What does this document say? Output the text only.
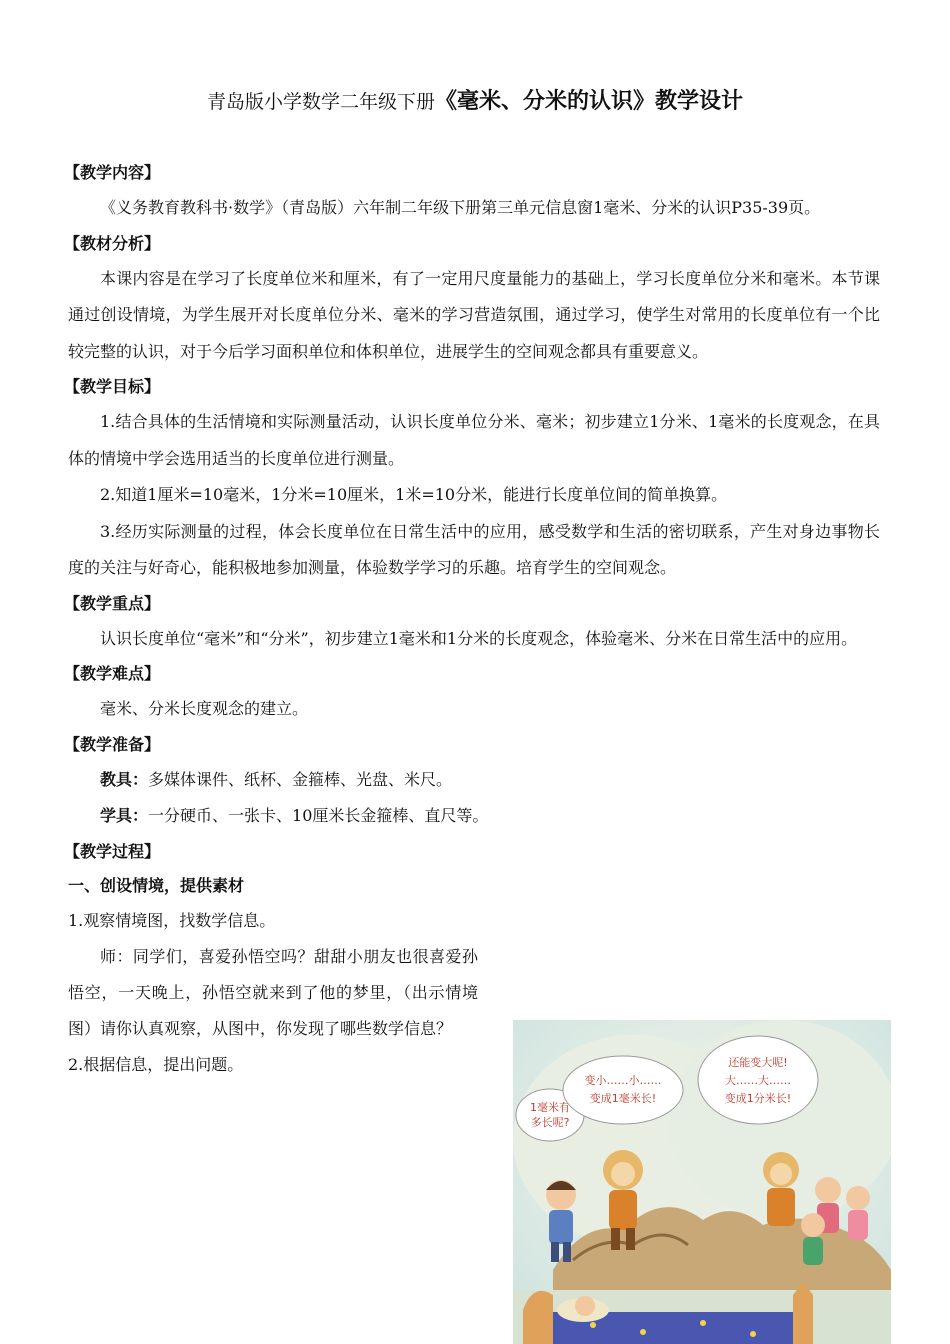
青岛版小学数学二年级下册《毫米、分米的认识》教学设计
【教学内容】

《义务教育教科书·数学》（青岛版）六年制二年级下册第三单元信息窗1毫米、分米的认识P35-39页。

【教材分析】

本课内容是在学习了长度单位米和厘米，有了一定用尺度量能力的基础上，学习长度单位分米和毫米。本节课通过创设情境，为学生展开对长度单位分米、毫米的学习营造氛围，通过学习，使学生对常用的长度单位有一个比较完整的认识，对于今后学习面积单位和体积单位，进展学生的空间观念都具有重要意义。

【教学目标】

1.结合具体的生活情境和实际测量活动，认识长度单位分米、毫米；初步建立1分米、1毫米的长度观念，在具体的情境中学会选用适当的长度单位进行测量。

2.知道1厘米=10毫米，1分米=10厘米，1米=10分米，能进行长度单位间的简单换算。

3.经历实际测量的过程，体会长度单位在日常生活中的应用，感受数学和生活的密切联系，产生对身边事物长度的关注与好奇心，能积极地参加测量，体验数学学习的乐趣。培育学生的空间观念。

【教学重点】

认识长度单位“毫米”和“分米”，初步建立1毫米和1分米的长度观念，体验毫米、分米在日常生活中的应用。

【教学难点】

毫米、分米长度观念的建立。

【教学准备】

教具：多媒体课件、纸杯、金箍棒、光盘、米尺。

学具：一分硬币、一张卡、10厘米长金箍棒、直尺等。

【教学过程】
一、创设情境，提供素材

1.观察情境图，找数学信息。

师：同学们，喜爱孙悟空吗？甜甜小朋友也很喜爱孙悟空，一天晚上，孙悟空就来到了他的梦里，（出示情境图）请你认真观察，从图中，你发现了哪些数学信息？

2.根据信息，提出问题。

1毫米有
多长呢?
变小……小……
变成1毫米长!
还能变大呢!
大……大……
变成1分米长!
